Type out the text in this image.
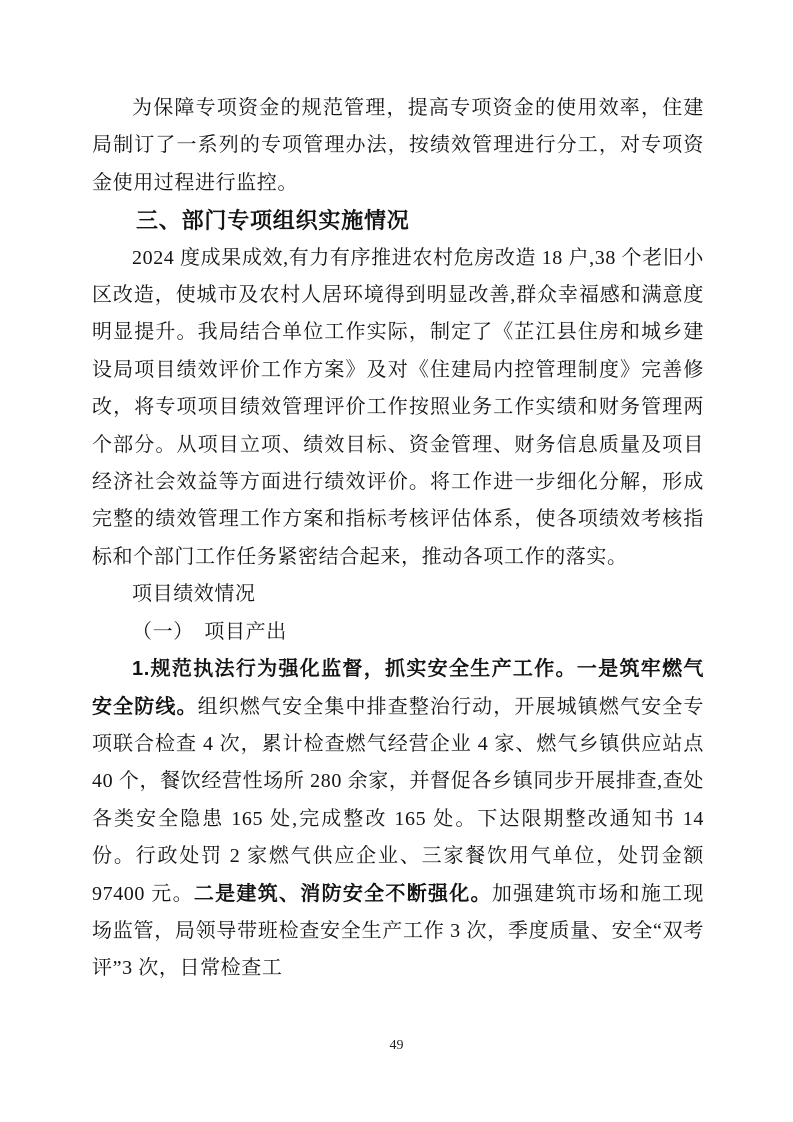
为保障专项资金的规范管理，提高专项资金的使用效率，住建局制订了一系列的专项管理办法，按绩效管理进行分工，对专项资金使用过程进行监控。

三、部门专项组织实施情况

2024 度成果成效,有力有序推进农村危房改造 18 户,38 个老旧小区改造，使城市及农村人居环境得到明显改善,群众幸福感和满意度明显提升。我局结合单位工作实际，制定了《芷江县住房和城乡建设局项目绩效评价工作方案》及对《住建局内控管理制度》完善修改，将专项项目绩效管理评价工作按照业务工作实绩和财务管理两个部分。从项目立项、绩效目标、资金管理、财务信息质量及项目经济社会效益等方面进行绩效评价。将工作进一步细化分解，形成完整的绩效管理工作方案和指标考核评估体系，使各项绩效考核指标和个部门工作任务紧密结合起来，推动各项工作的落实。

项目绩效情况

（一）　项目产出

1.规范执法行为强化监督，抓实安全生产工作。一是筑牢燃气安全防线。组织燃气安全集中排查整治行动，开展城镇燃气安全专项联合检查 4 次，累计检查燃气经营企业 4 家、燃气乡镇供应站点 40 个，餐饮经营性场所 280 余家，并督促各乡镇同步开展排查,查处各类安全隐患 165 处,完成整改 165 处。下达限期整改通知书 14 份。行政处罚 2 家燃气供应企业、三家餐饮用气单位，处罚金额 97400 元。二是建筑、消防安全不断强化。加强建筑市场和施工现场监管，局领导带班检查安全生产工作 3 次，季度质量、安全“双考评”3 次，日常检查工

49
